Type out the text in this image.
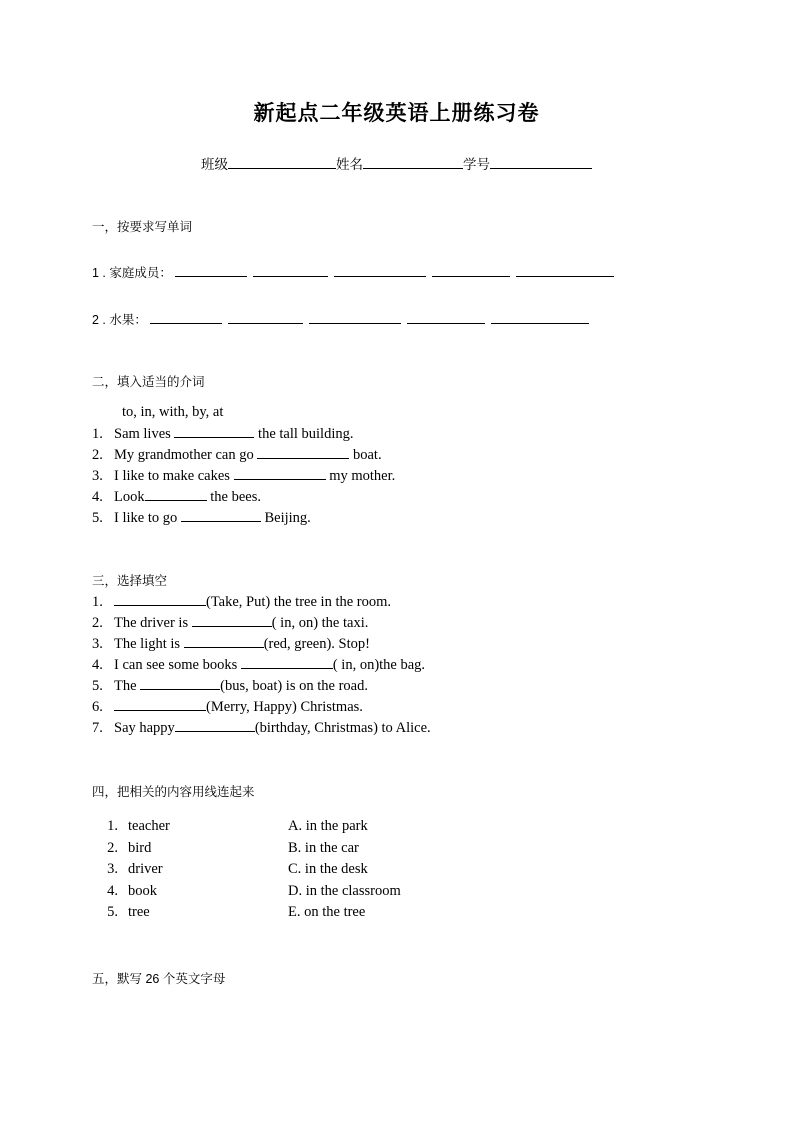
新起点二年级英语上册练习卷
班级	姓名	学号

一，按要求写单词

1 . 家庭成员：
2 . 水果：

二，填入适当的介词

to, in, with, by, at
1. Sam lives	the tall building.
2. My grandmother can go	boat.
3. I like to make cakes	my mother.
4. Look	the bees.
5. I like to go	Beijing.

三，选择填空

1.	(Take, Put) the tree in the room.
2. The driver is	( in, on) the taxi.
3. The light is	(red, green). Stop!
4. I can see some books	( in, on)the bag.
5. The	(bus, boat) is on the road.
6.	(Merry, Happy) Christmas.
7. Say happy	(birthday, Christmas) to Alice.

四，把相关的内容用线连起来

1. teacher	A. in the park
2. bird	B. in the car
3. driver	C. in the desk
4. book	D. in the classroom
5. tree	E. on the tree

五，默写 26 个英文字母
